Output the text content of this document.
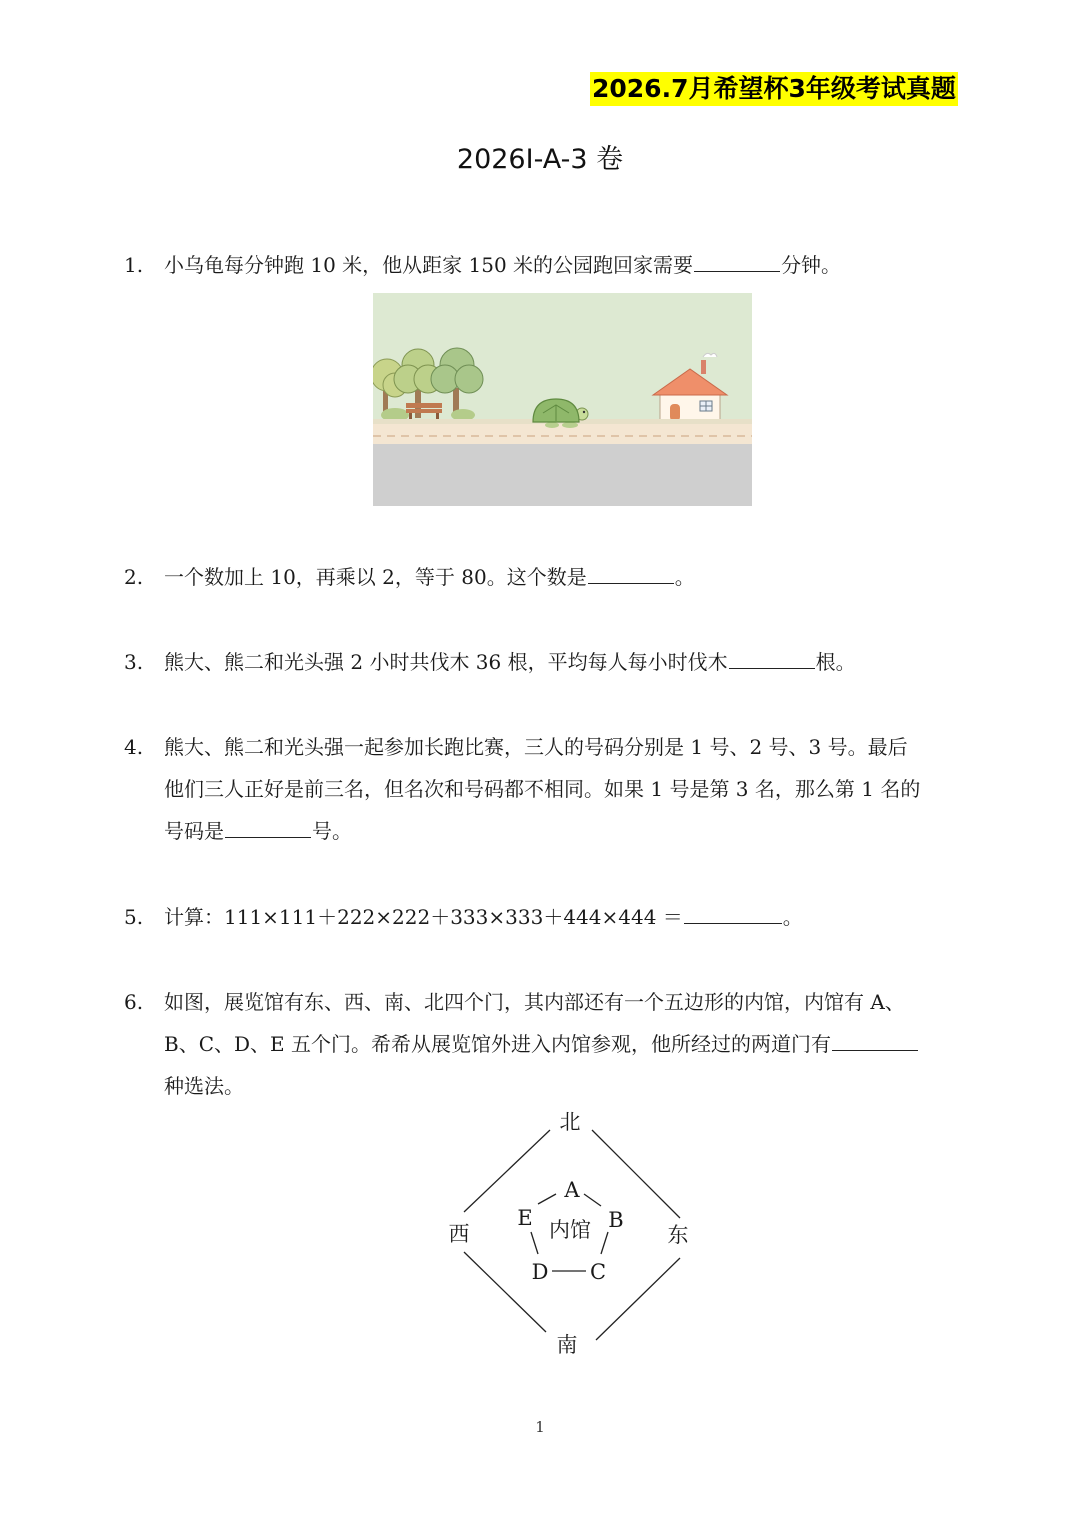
2026.7月希望杯3年级考试真题
2026I-A-3 卷
1. 小乌龟每分钟跑 10 米，他从距家 150 米的公园跑回家需要	分钟。
2. 一个数加上 10，再乘以 2，等于 80。这个数是	。
3. 熊大、熊二和光头强 2 小时共伐木 36 根，平均每人每小时伐木	根。
4. 熊大、熊二和光头强一起参加长跑比赛，三人的号码分别是 1 号、2 号、3 号。最后
他们三人正好是前三名，但名次和号码都不相同。如果 1 号是第 3 名，那么第 1 名的
号码是	号。
5. 计算：111×111＋222×222＋333×333＋444×444 ＝	。
6. 如图，展览馆有东、西、南、北四个门，其内部还有一个五边形的内馆，内馆有 A、
B、C、D、E 五个门。希希从展览馆外进入内馆参观，他所经过的两道门有
种选法。
北
南
东
西	内馆
A
B
C
D
E
1
